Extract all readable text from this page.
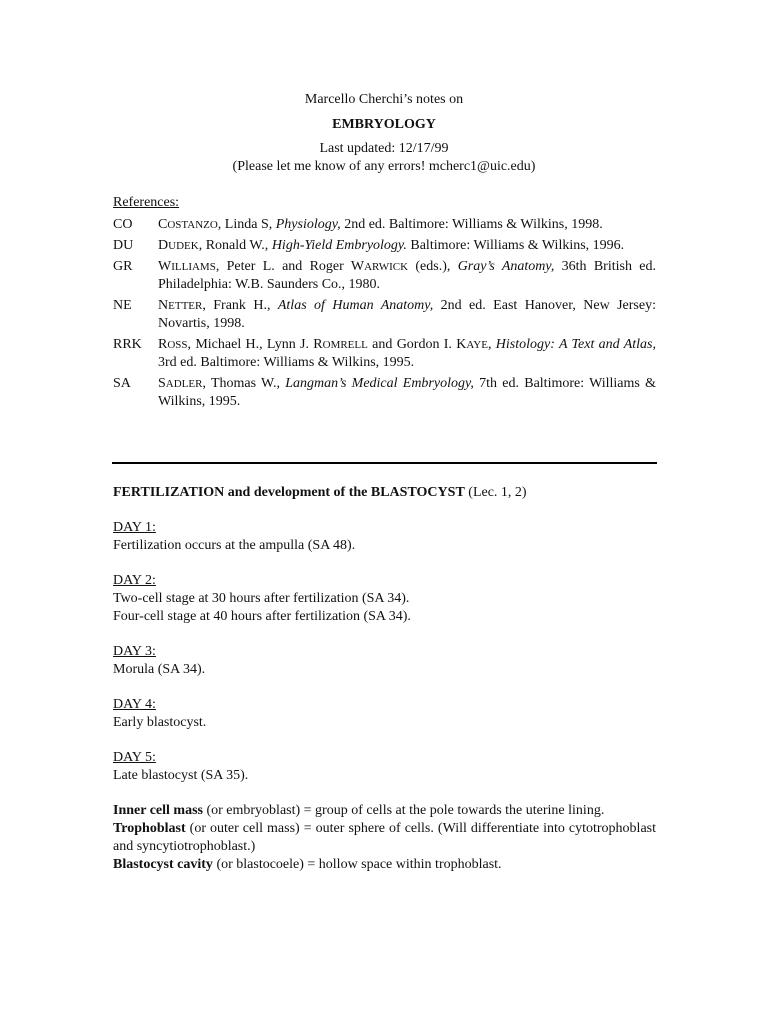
Marcello Cherchi’s notes on
EMBRYOLOGY
Last updated: 12/17/99
(Please let me know of any errors! mcherc1@uic.edu)
References:
CO	COSTANZO, Linda S, Physiology, 2nd ed. Baltimore: Williams & Wilkins, 1998.
DU	DUDEK, Ronald W., High-Yield Embryology. Baltimore: Williams & Wilkins, 1996.
GR	WILLIAMS, Peter L. and Roger WARWICK (eds.), Gray’s Anatomy, 36th British ed. Philadelphia: W.B. Saunders Co., 1980.
NE	NETTER, Frank H., Atlas of Human Anatomy, 2nd ed. East Hanover, New Jersey: Novartis, 1998.
RRK	ROSS, Michael H., Lynn J. ROMRELL and Gordon I. KAYE, Histology: A Text and Atlas, 3rd ed. Baltimore: Williams & Wilkins, 1995.
SA	SADLER, Thomas W., Langman’s Medical Embryology, 7th ed. Baltimore: Williams & Wilkins, 1995.
FERTILIZATION and development of the BLASTOCYST (Lec. 1, 2)
DAY 1:
Fertilization occurs at the ampulla (SA 48).
DAY 2:
Two-cell stage at 30 hours after fertilization (SA 34).
Four-cell stage at 40 hours after fertilization (SA 34).
DAY 3:
Morula (SA 34).
DAY 4:
Early blastocyst.
DAY 5:
Late blastocyst (SA 35).
Inner cell mass (or embryoblast) = group of cells at the pole towards the uterine lining.
Trophoblast (or outer cell mass) = outer sphere of cells. (Will differentiate into cytotrophoblast and syncytiotrophoblast.)
Blastocyst cavity (or blastocoele) = hollow space within trophoblast.
